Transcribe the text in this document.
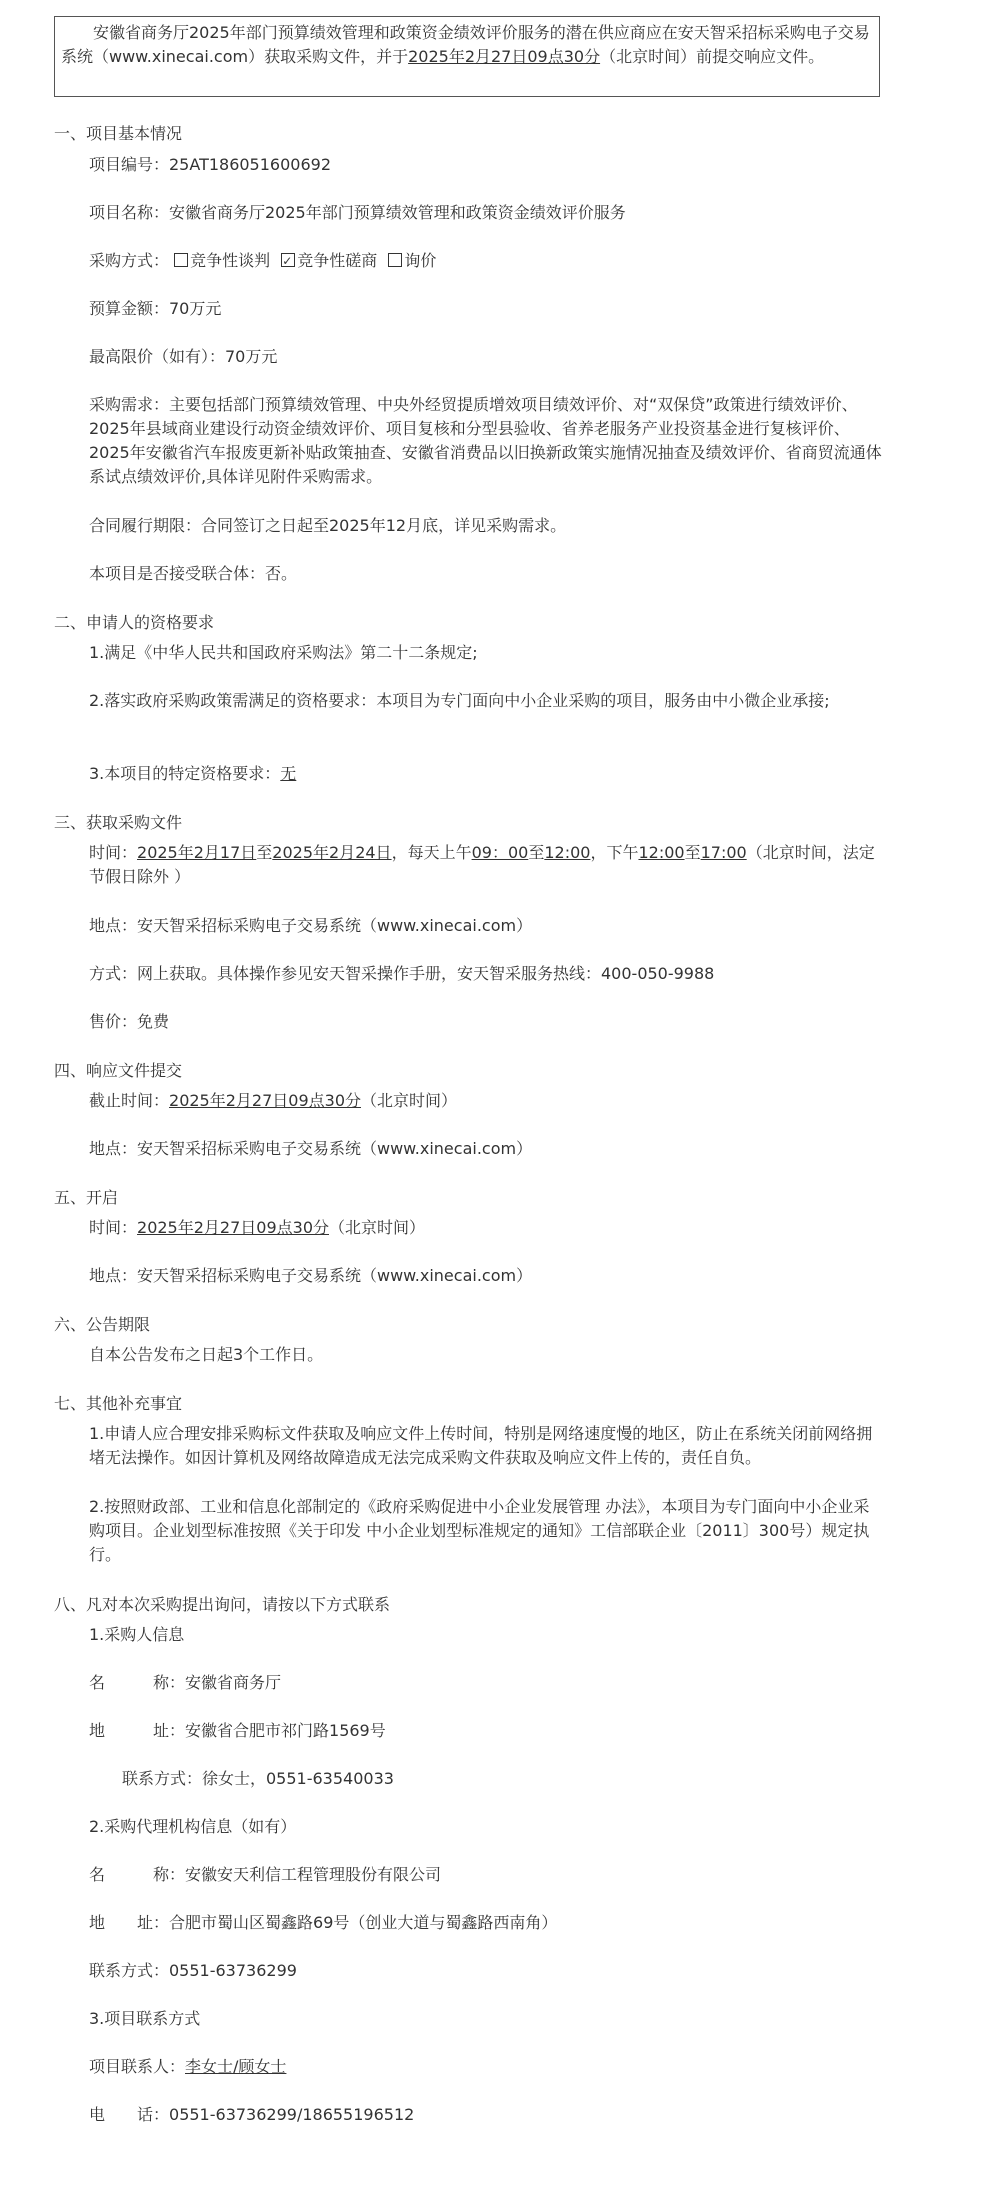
安徽省商务厅2025年部门预算绩效管理和政策资金绩效评价服务的潜在供应商应在安天智采招标采购电子交易系统（www.xinecai.com）获取采购文件，并于2025年2月27日09点30分（北京时间）前提交响应文件。
一、项目基本情况
项目编号：25AT186051600692
项目名称：安徽省商务厅2025年部门预算绩效管理和政策资金绩效评价服务
采购方式： 竞争性谈判 ✓ 竞争性磋商 询价
预算金额：70万元
最高限价（如有）：70万元
采购需求：主要包括部门预算绩效管理、中央外经贸提质增效项目绩效评价、对“双保贷”政策进行绩效评价、2025年县域商业建设行动资金绩效评价、项目复核和分型县验收、省养老服务产业投资基金进行复核评价、2025年安徽省汽车报废更新补贴政策抽查、安徽省消费品以旧换新政策实施情况抽查及绩效评价、省商贸流通体系试点绩效评价,具体详见附件采购需求。
合同履行期限：合同签订之日起至2025年12月底，详见采购需求。
本项目是否接受联合体：否。
二、申请人的资格要求
1.满足《中华人民共和国政府采购法》第二十二条规定;
2.落实政府采购政策需满足的资格要求：本项目为专门面向中小企业采购的项目，服务由中小微企业承接;
3.本项目的特定资格要求：无
三、获取采购文件
时间：2025年2月17日至2025年2月24日，每天上午09：00至12:00，下午12:00至17:00（北京时间，法定节假日除外 ）
地点：安天智采招标采购电子交易系统（www.xinecai.com）
方式：网上获取。具体操作参见安天智采操作手册，安天智采服务热线：400-050-9988
售价：免费
四、响应文件提交
截止时间：2025年2月27日09点30分（北京时间）
地点：安天智采招标采购电子交易系统（www.xinecai.com）
五、开启
时间：2025年2月27日09点30分（北京时间）
地点：安天智采招标采购电子交易系统（www.xinecai.com）
六、公告期限
自本公告发布之日起3个工作日。
七、其他补充事宜
1.申请人应合理安排采购标文件获取及响应文件上传时间，特别是网络速度慢的地区，防止在系统关闭前网络拥堵无法操作。如因计算机及网络故障造成无法完成采购文件获取及响应文件上传的，责任自负。
2.按照财政部、工业和信息化部制定的《政府采购促进中小企业发展管理 办法》，本项目为专门面向中小企业采购项目。企业划型标准按照《关于印发 中小企业划型标准规定的通知》工信部联企业〔2011〕300号）规定执行。
八、凡对本次采购提出询问，请按以下方式联系
1.采购人信息
名　　　称：安徽省商务厅
地　　　址：安徽省合肥市祁门路1569号
联系方式：徐女士，0551-63540033
2.采购代理机构信息（如有）
名　　　称：安徽安天利信工程管理股份有限公司
地　　址：合肥市蜀山区蜀鑫路69号（创业大道与蜀鑫路西南角）
联系方式：0551-63736299
3.项目联系方式
项目联系人：李女士/顾女士
电　　话：0551-63736299/18655196512
